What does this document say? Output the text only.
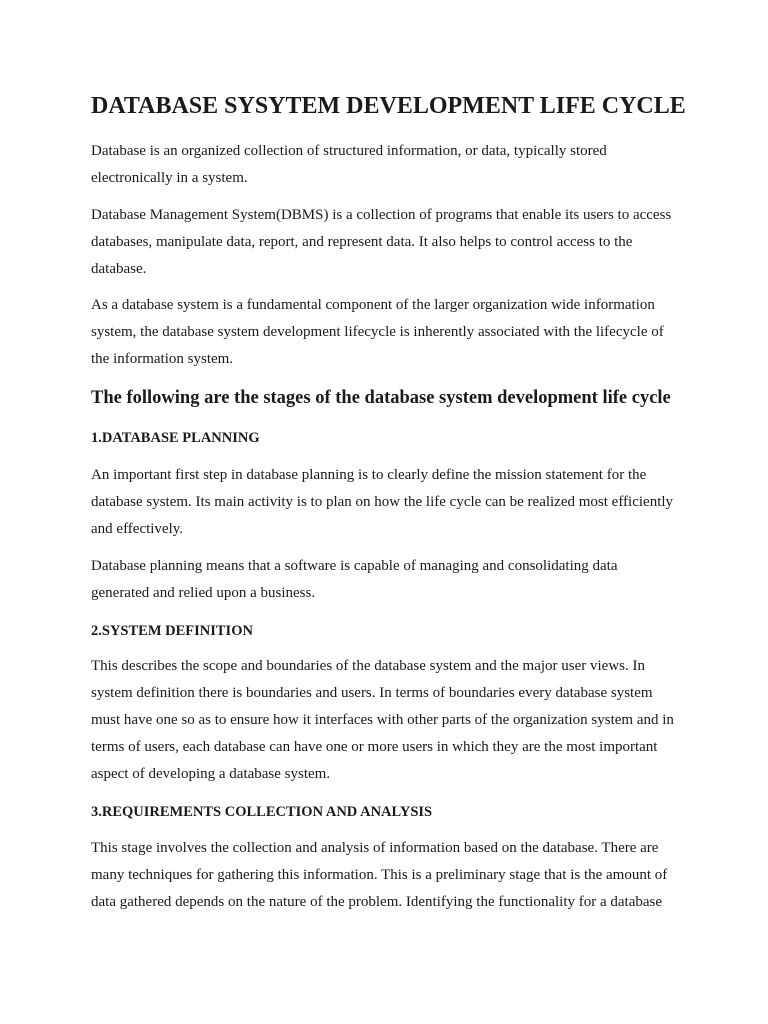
DATABASE SYSYTEM DEVELOPMENT LIFE CYCLE

Database is an organized collection of structured information, or data, typically stored
electronically in a system.

Database Management System(DBMS) is a collection of programs that enable its users to access
databases, manipulate data, report, and represent data. It also helps to control access to the
database.

As a database system is a fundamental component of the larger organization wide information
system, the database system development lifecycle is inherently associated with the lifecycle of
the information system.

The following are the stages of the database system development life cycle
1.DATABASE PLANNING

An important first step in database planning is to clearly define the mission statement for the
database system. Its main activity is to plan on how the life cycle can be realized most efficiently
and effectively.

Database planning means that a software is capable of managing and consolidating data
generated and relied upon a business.

2.SYSTEM DEFINITION

This describes the scope and boundaries of the database system and the major user views. In
system definition there is boundaries and users. In terms of boundaries every database system
must have one so as to ensure how it interfaces with other parts of the organization system and in
terms of users, each database can have one or more users in which they are the most important
aspect of developing a database system.

3.REQUIREMENTS COLLECTION AND ANALYSIS

This stage involves the collection and analysis of information based on the database. There are
many techniques for gathering this information. This is a preliminary stage that is the amount of
data gathered depends on the nature of the problem. Identifying the functionality for a database
